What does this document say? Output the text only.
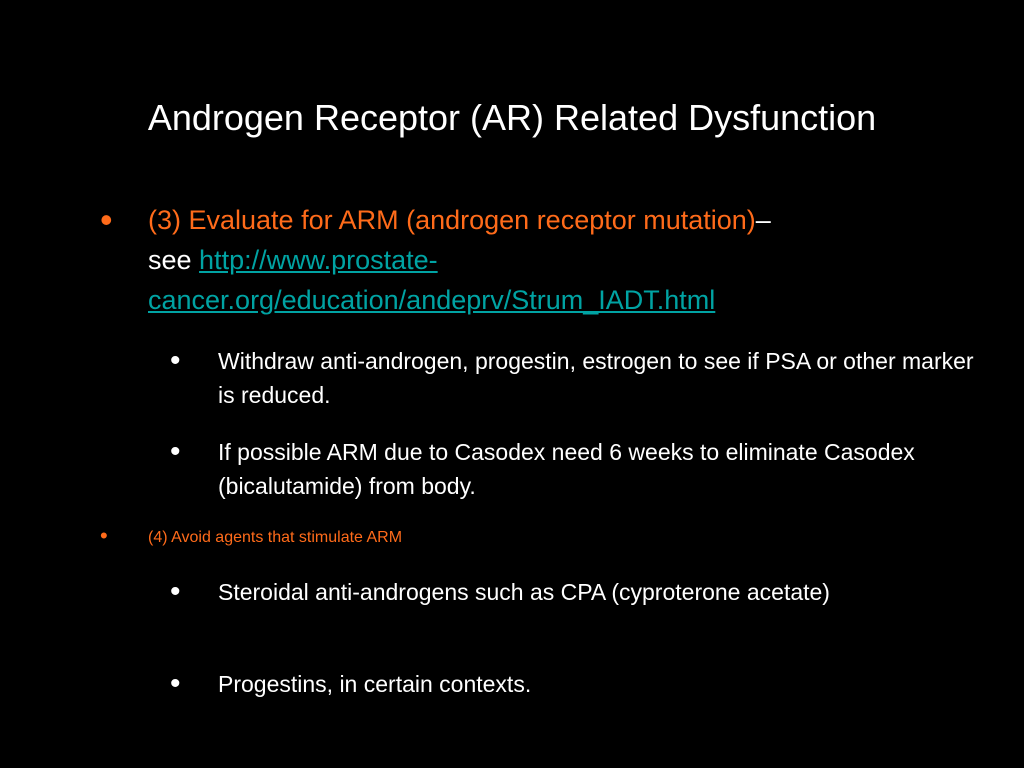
Androgen Receptor (AR) Related Dysfunction
• (3) Evaluate for ARM (androgen receptor mutation)–
see http://www.prostate-cancer.org/education/andeprv/Strum_IADT.html
• Withdraw anti-androgen, progestin, estrogen to see if PSA or other marker is reduced.
• If possible ARM due to Casodex need 6 weeks to eliminate Casodex (bicalutamide) from body.
•	(4) Avoid agents that stimulate ARM
• Steroidal anti-androgens such as CPA (cyproterone acetate)
• Progestins, in certain contexts.
